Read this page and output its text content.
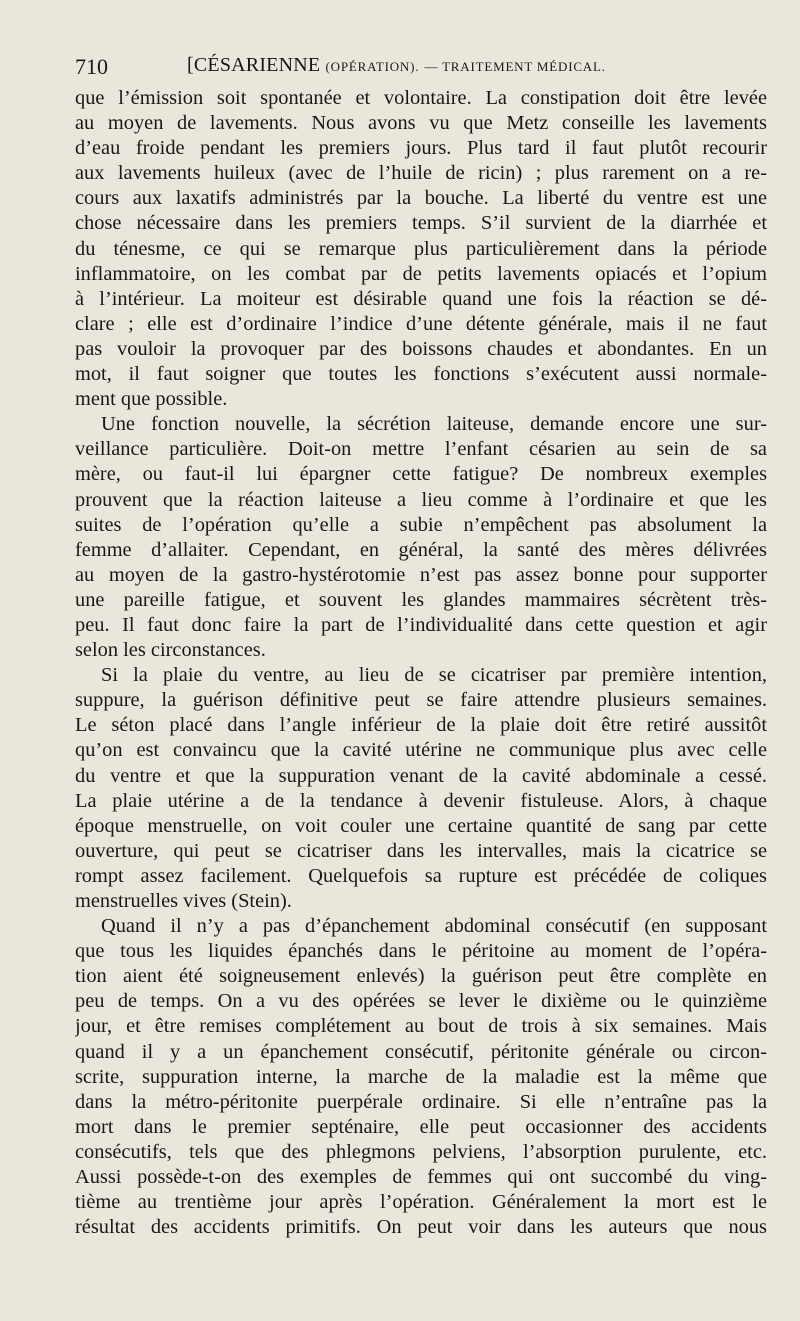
710	[CÉSARIENNE (OPÉRATION). — TRAITEMENT MÉDICAL.
que l’émission soit spontanée et volontaire. La constipation doit être levée
au moyen de lavements. Nous avons vu que Metz conseille les lavements
d’eau froide pendant les premiers jours. Plus tard il faut plutôt recourir
aux lavements huileux (avec de l’huile de ricin) ; plus rarement on a re-
cours aux laxatifs administrés par la bouche. La liberté du ventre est une
chose nécessaire dans les premiers temps. S’il survient de la diarrhée et
du ténesme, ce qui se remarque plus particulièrement dans la période
inflammatoire, on les combat par de petits lavements opiacés et l’opium
à l’intérieur. La moiteur est désirable quand une fois la réaction se dé-
clare ; elle est d’ordinaire l’indice d’une détente générale, mais il ne faut
pas vouloir la provoquer par des boissons chaudes et abondantes. En un
mot, il faut soigner que toutes les fonctions s’exécutent aussi normale-
ment que possible.
Une fonction nouvelle, la sécrétion laiteuse, demande encore une sur-
veillance particulière. Doit-on mettre l’enfant césarien au sein de sa
mère, ou faut-il lui épargner cette fatigue? De nombreux exemples
prouvent que la réaction laiteuse a lieu comme à l’ordinaire et que les
suites de l’opération qu’elle a subie n’empêchent pas absolument la
femme d’allaiter. Cependant, en général, la santé des mères délivrées
au moyen de la gastro-hystérotomie n’est pas assez bonne pour supporter
une pareille fatigue, et souvent les glandes mammaires sécrètent très-
peu. Il faut donc faire la part de l’individualité dans cette question et agir
selon les circonstances.
Si la plaie du ventre, au lieu de se cicatriser par première intention,
suppure, la guérison définitive peut se faire attendre plusieurs semaines.
Le séton placé dans l’angle inférieur de la plaie doit être retiré aussitôt
qu’on est convaincu que la cavité utérine ne communique plus avec celle
du ventre et que la suppuration venant de la cavité abdominale a cessé.
La plaie utérine a de la tendance à devenir fistuleuse. Alors, à chaque
époque menstruelle, on voit couler une certaine quantité de sang par cette
ouverture, qui peut se cicatriser dans les intervalles, mais la cicatrice se
rompt assez facilement. Quelquefois sa rupture est précédée de coliques
menstruelles vives (Stein).
Quand il n’y a pas d’épanchement abdominal consécutif (en supposant
que tous les liquides épanchés dans le péritoine au moment de l’opéra-
tion aient été soigneusement enlevés) la guérison peut être complète en
peu de temps. On a vu des opérées se lever le dixième ou le quinzième
jour, et être remises complétement au bout de trois à six semaines. Mais
quand il y a un épanchement consécutif, péritonite générale ou circon-
scrite, suppuration interne, la marche de la maladie est la même que
dans la métro-péritonite puerpérale ordinaire. Si elle n’entraîne pas la
mort dans le premier septénaire, elle peut occasionner des accidents
consécutifs, tels que des phlegmons pelviens, l’absorption purulente, etc.
Aussi possède-t-on des exemples de femmes qui ont succombé du ving-
tième au trentième jour après l’opération. Généralement la mort est le
résultat des accidents primitifs. On peut voir dans les auteurs que nous
